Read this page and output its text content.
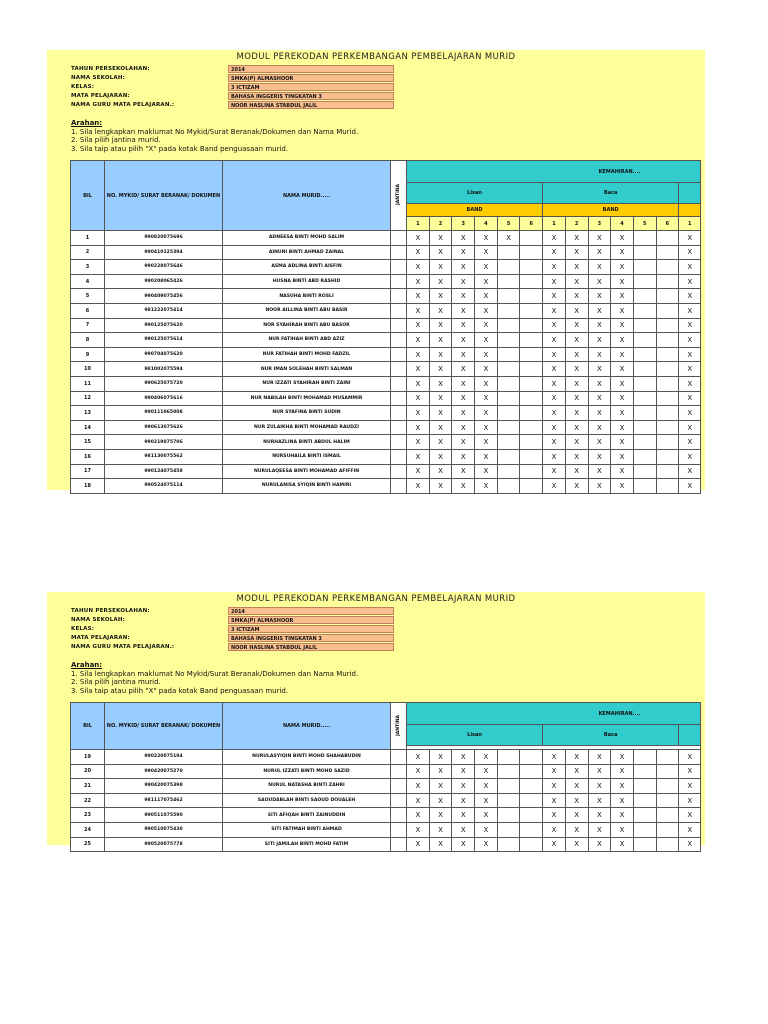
MODUL PEREKODAN PERKEMBANGAN PEMBELAJARAN MURID
TAHUN PERSEKOLAHAN:	2014
NAMA SEKOLAH:	SMKA(P) ALMASHOOR
KELAS:	3 ICTIZAM
MATA PELAJARAN:	BAHASA INGGERIS TINGKATAN 3
NAMA GURU MATA PELAJARAN.:	NOOR HASLINA STABDUL JALIL
Arahan:
1. Sila lengkapkan maklumat No Mykid/Surat Beranak/Dokumen dan Nama Murid.
2. Sila pilih jantina murid.
3. Sila taip atau pilih "X" pada kotak Band penguasaan murid.
BIL	NO. MYKID/ SURAT BERANAK/ DOKUMEN	NAMA MURID.....	JANTINA	KEMAHIRAN....												
				Lisan						Baca						
				BAND						BAND						
				1	2	3	4	5	6	1	2	3	4	5	6	1
1	990820075696	ADNEESA BINTI MOHD SALIM		X	X	X	X	X		X	X	X	X			X
2	990410125394	AINUNI BINTI AHMAD ZAINAL		X	X	X	X			X	X	X	X			X
3	990228075646	ASMA ADLINA BINTI AISFIN		X	X	X	X			X	X	X	X			X
4	990208065426	HUSNA BINTI ABD RASHID		X	X	X	X			X	X	X	X			X
5	990409075456	NASUHA BINTI ROSLI		X	X	X	X			X	X	X	X			X
6	981222075414	NOOR AILLINA BINTI ABU BASIR		X	X	X	X			X	X	X	X			X
7	990125075620	NOR SYAHIRAH BINTI ABU BASOR		X	X	X	X			X	X	X	X			X
8	990125075614	NUR FATIHAH BINTI ABD AZIZ		X	X	X	X			X	X	X	X			X
9	990704075620	NUR FATIHAH BINTI MOHD FADZIL		X	X	X	X			X	X	X	X			X
10	981002075594	NUR IMAN SOLEHAH BINTI SALMAN		X	X	X	X			X	X	X	X			X
11	990625075720	NUR IZZATI SYAHIRAH BINTI ZAINI		X	X	X	X			X	X	X	X			X
12	990406075616	NUR NABILAH BINTI MOHAMAD MUSAMMIR		X	X	X	X			X	X	X	X			X
13	990111065008	NUR SYAFINA BINTI SUDIN		X	X	X	X			X	X	X	X			X
14	990613075626	NUR ZULAIKHA BINTI MOHAMAD RAUDZI		X	X	X	X			X	X	X	X			X
15	990219075706	NURHAZLINA BINTI ABDUL HALIM		X	X	X	X			X	X	X	X			X
16	981130075562	NURSUHAILA BINTI ISMAIL		X	X	X	X			X	X	X	X			X
17	990124075458	NURULAQEESA BINTI MOHAMAD AFIFFIN		X	X	X	X			X	X	X	X			X
18	990524075114	NURULANISA SYIQIN BINTI HAMIRI		X	X	X	X			X	X	X	X			X
MODUL PEREKODAN PERKEMBANGAN PEMBELAJARAN MURID
TAHUN PERSEKOLAHAN:	2014
NAMA SEKOLAH:	SMKA(P) ALMASHOOR
KELAS:	3 ICTIZAM
MATA PELAJARAN:	BAHASA INGGERIS TINGKATAN 3
NAMA GURU MATA PELAJARAN.:	NOOR HASLINA STABDUL JALIL
Arahan:
1. Sila lengkapkan maklumat No Mykid/Surat Beranak/Dokumen dan Nama Murid.
2. Sila pilih jantina murid.
3. Sila taip atau pilih "X" pada kotak Band penguasaan murid.
BIL	NO. MYKID/ SURAT BERANAK/ DOKUMEN	NAMA MURID.....	JANTINA	KEMAHIRAN....												
				Lisan						Baca						

19	990220075194	NURULASYIQIN BINTI MOHD SHAHABUDIN		X	X	X	X			X	X	X	X			X
20	990420075270	NURUL IZZATI BINTI MOHD SAZID		X	X	X	X			X	X	X	X			X
21	990420075398	NURUL NATASHA BINTI ZAHRI		X	X	X	X			X	X	X	X			X
22	981117075462	SAOUDABLAH BINTI SAOUD DOUALEH		X	X	X	X			X	X	X	X			X
23	990511075590	SITI AFIQAH BINTI ZAINUDDIN		X	X	X	X			X	X	X	X			X
24	990510075430	SITI FATIMAH BINTI AHMAD		X	X	X	X			X	X	X	X			X
25	990520075778	SITI JAMILAH BINTI MOHD FATIM		X	X	X	X			X	X	X	X			X
